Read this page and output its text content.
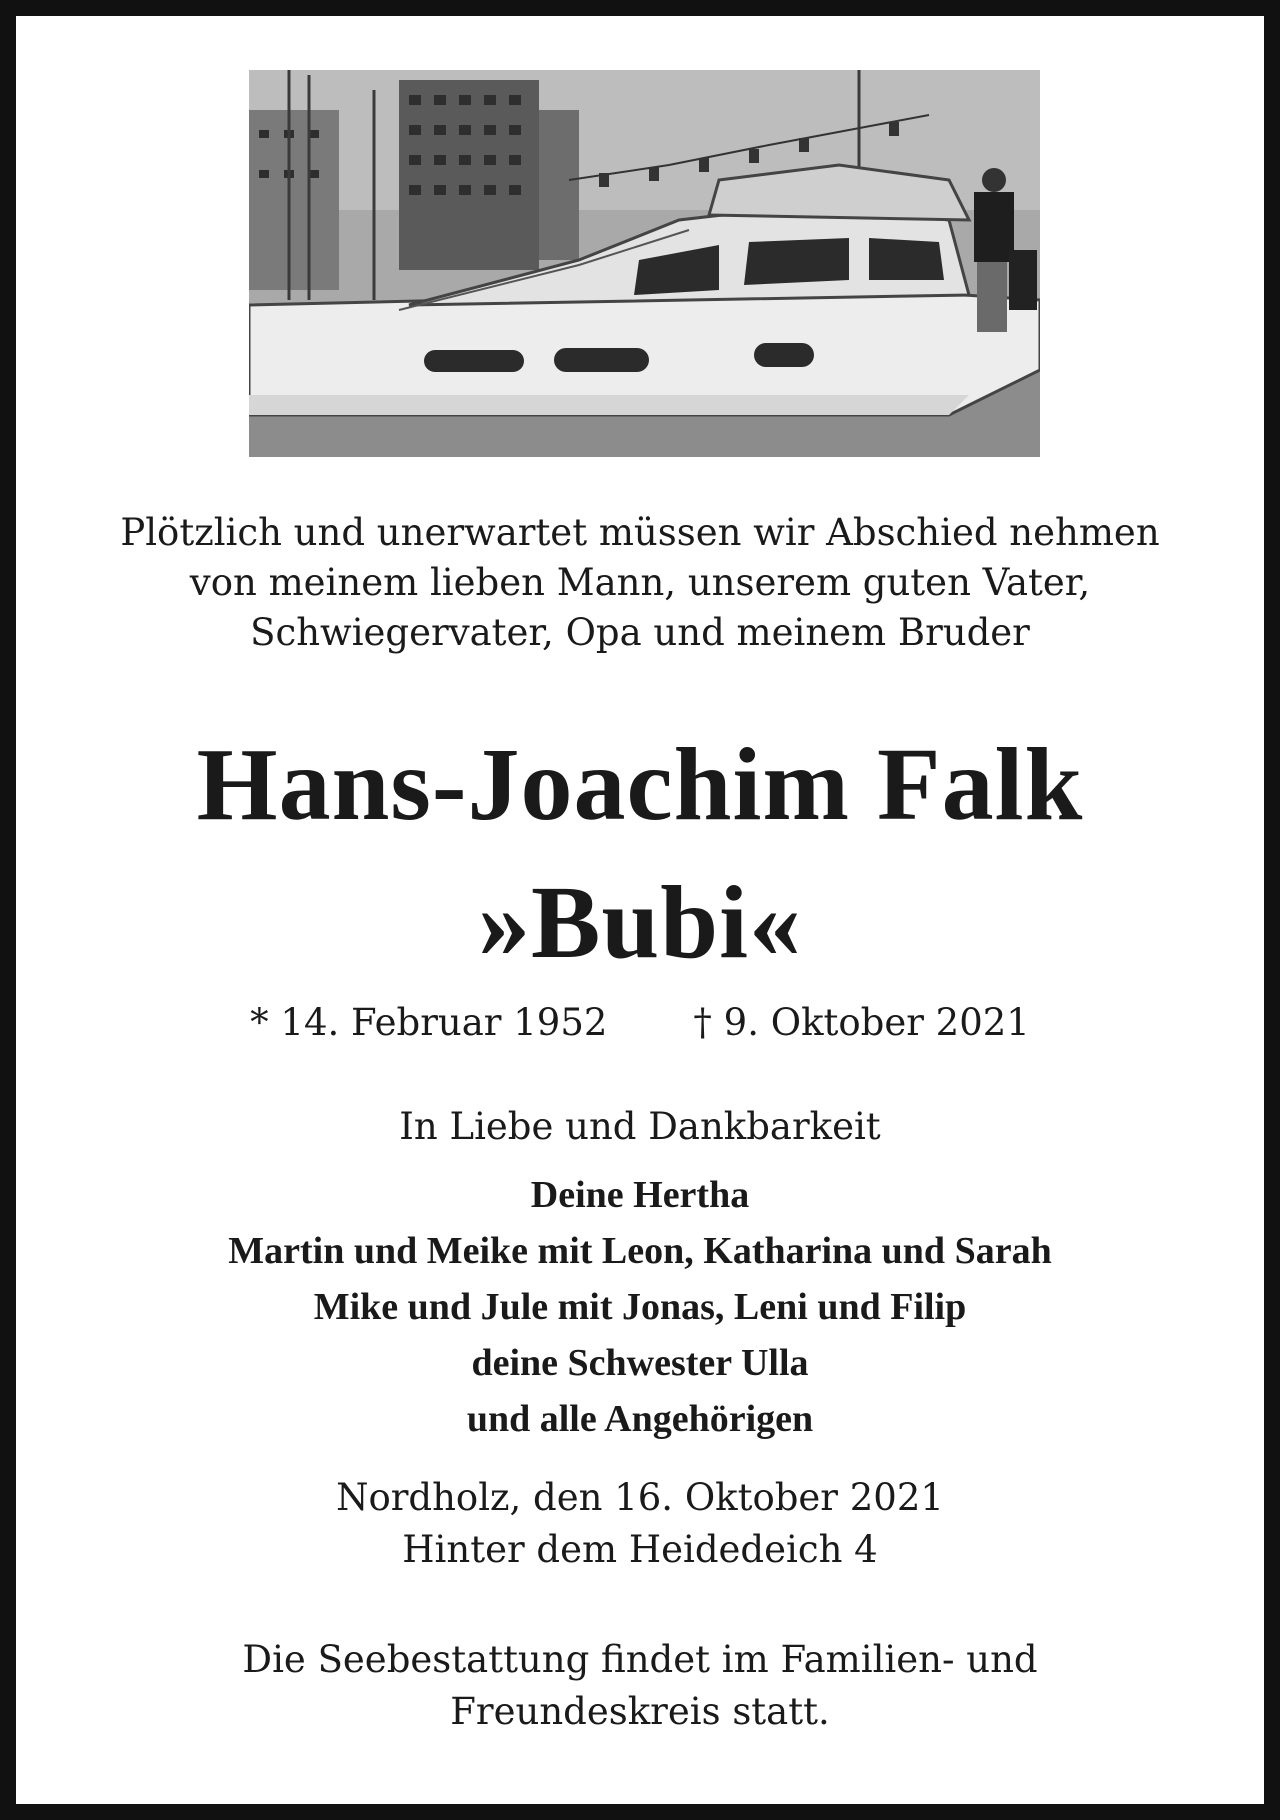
Plötzlich und unerwartet müssen wir Abschied nehmen
von meinem lieben Mann, unserem guten Vater,
Schwiegervater, Opa und meinem Bruder
Hans-Joachim Falk
»Bubi«
* 14. Februar 1952 † 9. Oktober 2021
In Liebe und Dankbarkeit
Deine Hertha
Martin und Meike mit Leon, Katharina und Sarah
Mike und Jule mit Jonas, Leni und Filip
deine Schwester Ulla
und alle Angehörigen
Nordholz, den 16. Oktober 2021
Hinter dem Heidedeich 4
Die Seebestattung findet im Familien- und
Freundeskreis statt.
